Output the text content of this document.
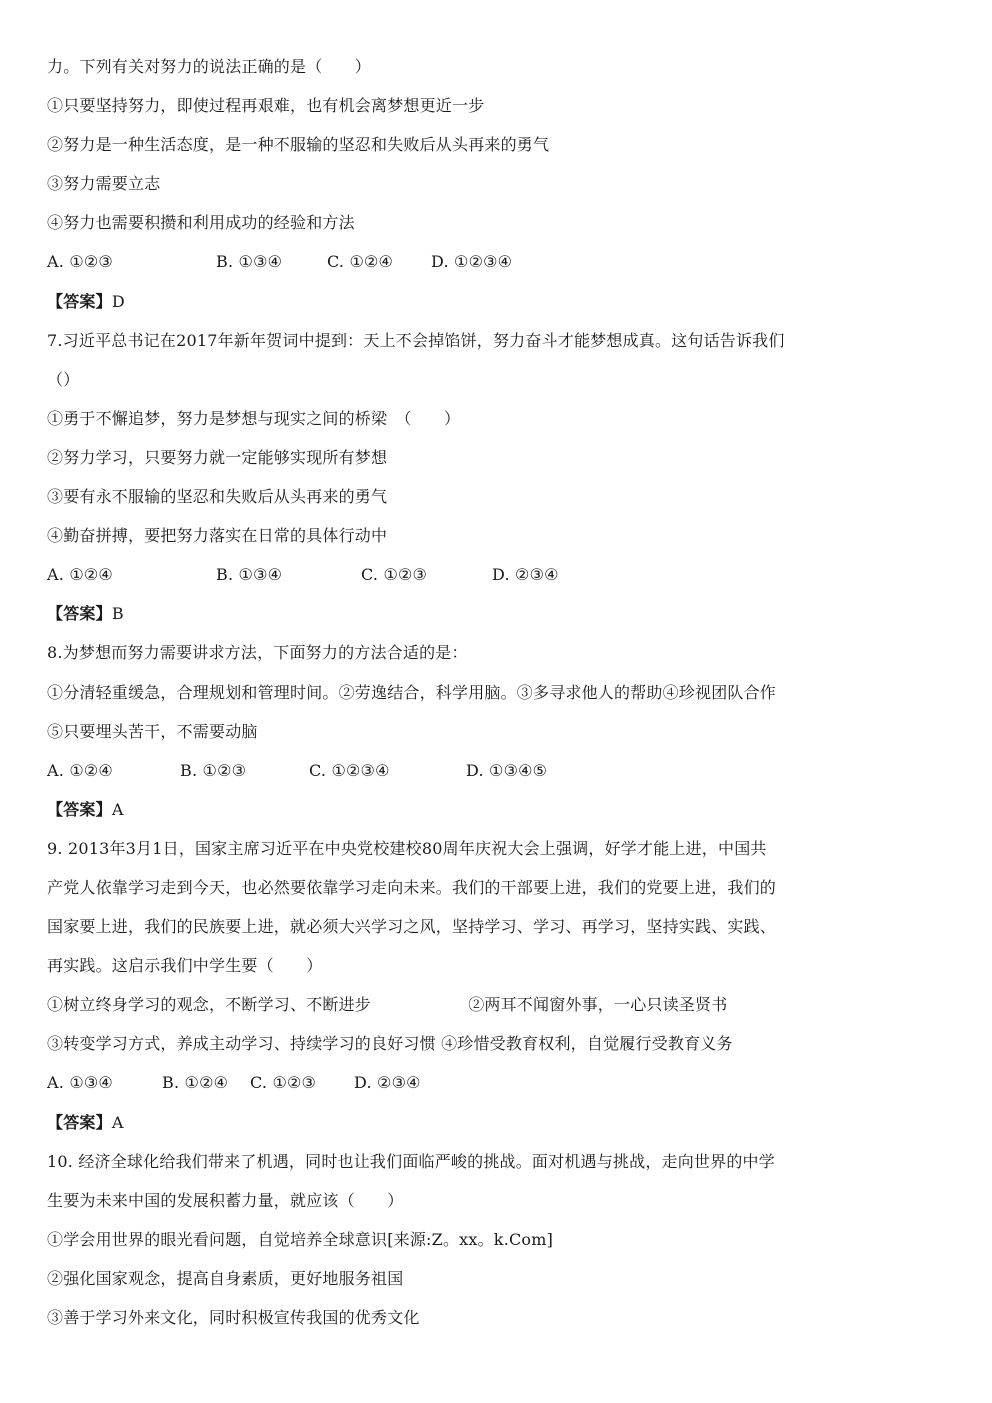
力。下列有关对努力的说法正确的是（　　）
①只要坚持努力，即使过程再艰难，也有机会离梦想更近一步
②努力是一种生活态度，是一种不服输的坚忍和失败后从头再来的勇气
③努力需要立志
④努力也需要积攒和利用成功的经验和方法
A. ①②③	B. ①③④	C. ①②④ D. ①②③④
【答案】D
7.习近平总书记在2017年新年贺词中提到：天上不会掉馅饼，努力奋斗才能梦想成真。这句话告诉我们
（）
①勇于不懈追梦，努力是梦想与现实之间的桥梁　（　　）
②努力学习，只要努力就一定能够实现所有梦想
③要有永不服输的坚忍和失败后从头再来的勇气
④勤奋拼搏，要把努力落实在日常的具体行动中
A. ①②④	B. ①③④	C. ①②③	D. ②③④
【答案】B
8.为梦想而努力需要讲求方法，下面努力的方法合适的是：
①分清轻重缓急，合理规划和管理时间。②劳逸结合，科学用脑。③多寻求他人的帮助④珍视团队合作
⑤只要埋头苦干，不需要动脑
A. ①②④	B. ①②③	C. ①②③④	D. ①③④⑤
【答案】A
9. 2013年3月1日，国家主席习近平在中央党校建校80周年庆祝大会上强调，好学才能上进，中国共
产党人依靠学习走到今天，也必然要依靠学习走向未来。我们的干部要上进，我们的党要上进，我们的
国家要上进，我们的民族要上进，就必须大兴学习之风，坚持学习、学习、再学习，坚持实践、实践、
再实践。这启示我们中学生要（　　）
①树立终身学习的观念，不断学习、不断进步　　　　　　②两耳不闻窗外事，一心只读圣贤书
③转变学习方式，养成主动学习、持续学习的良好习惯 ④珍惜受教育权利，自觉履行受教育义务
A. ①③④	B. ①②④ C. ①②③ D. ②③④
【答案】A
10. 经济全球化给我们带来了机遇，同时也让我们面临严峻的挑战。面对机遇与挑战，走向世界的中学
生要为未来中国的发展积蓄力量，就应该（　　）
①学会用世界的眼光看问题，自觉培养全球意识[来源:Z。xx。k.Com]
②强化国家观念，提高自身素质，更好地服务祖国
③善于学习外来文化，同时积极宣传我国的优秀文化
